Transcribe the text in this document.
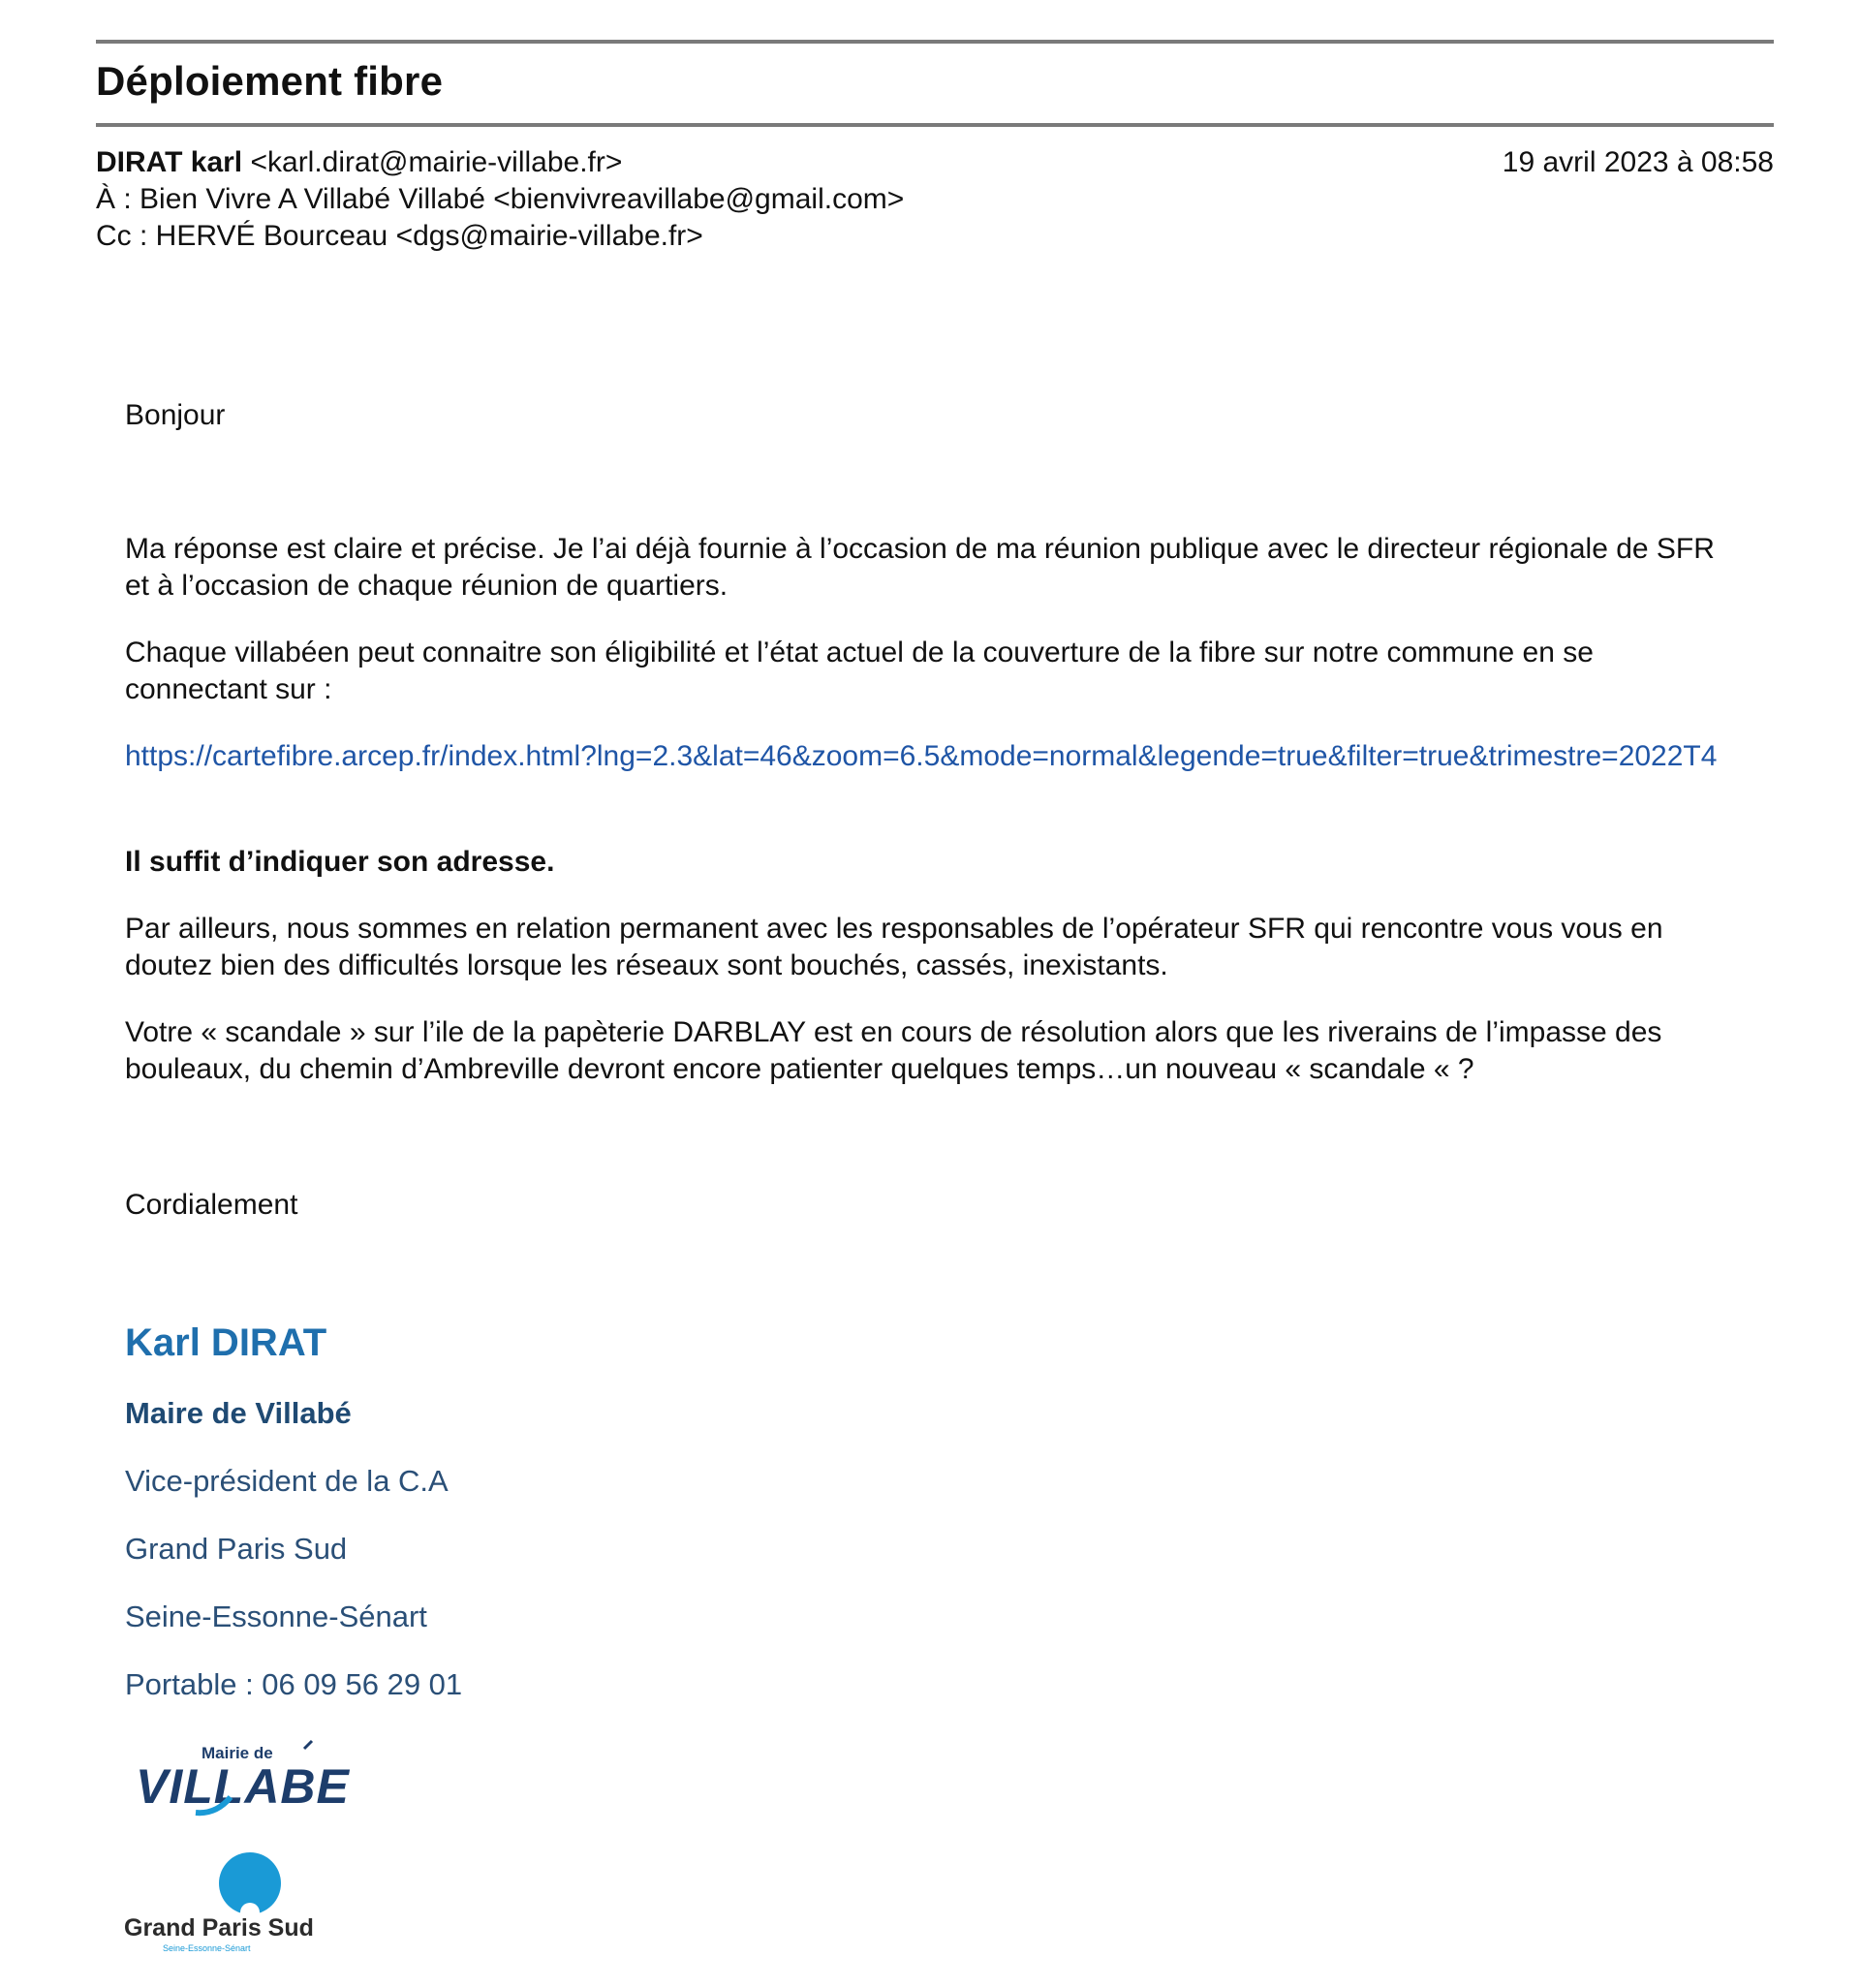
Déploiement fibre
DIRAT karl <karl.dirat@mairie-villabe.fr>	19 avril 2023 à 08:58
À : Bien Vivre A Villabé Villabé <bienvivreavillabe@gmail.com>
Cc : HERVÉ Bourceau <dgs@mairie-villabe.fr>
Bonjour
Ma réponse est claire et précise. Je l’ai déjà fournie à l’occasion de ma réunion publique avec le directeur régionale de SFR et à l’occasion de chaque réunion de quartiers.
Chaque villabéen peut connaitre son éligibilité et l’état actuel de la couverture de la fibre sur notre commune en se connectant sur :
https://cartefibre.arcep.fr/index.html?lng=2.3&lat=46&zoom=6.5&mode=normal&legende=true&filter=true&trimestre=2022T4
Il suffit d’indiquer son adresse.
Par ailleurs, nous sommes en relation permanent avec les responsables de l’opérateur SFR qui rencontre vous vous en doutez bien des difficultés lorsque les réseaux sont bouchés, cassés, inexistants.
Votre « scandale » sur l’ile de la papèterie DARBLAY est en cours de résolution alors que les riverains de l’impasse des bouleaux, du chemin d’Ambreville devront encore patienter quelques temps…un nouveau « scandale « ?
Cordialement
Karl DIRAT
Maire de Villabé
Vice-président de la C.A
Grand Paris Sud
Seine-Essonne-Sénart
Portable : 06 09 56 29 01
Mairie de
VILLABE
Grand Paris Sud
Seine-Essonne-Sénart
